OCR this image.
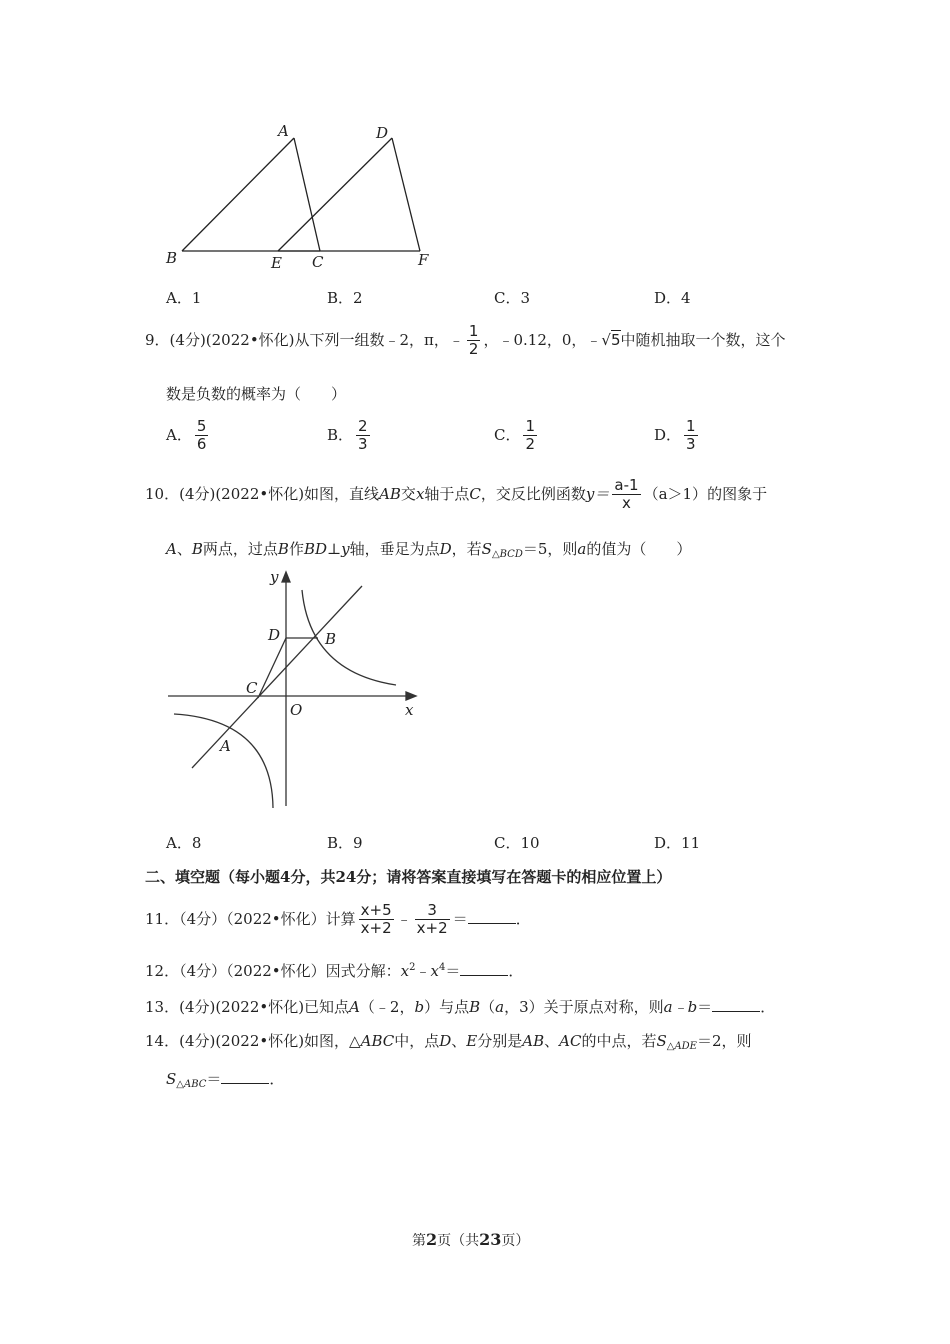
A	D
B	E C	F
A．1	B．2	C．3	D．4
9．(4分)(2022•怀化)从下列一组数﹣2，π，﹣ $\frac{1}{2}$ ，﹣0.12，0，﹣√5中随机抽取一个数，这个
数是负数的概率为（　　）
A． $\frac{5}{6}$	B． $\frac{2}{3}$	C． $\frac{1}{2}$	D． $\frac{1}{3}$
10．(4分)(2022•怀化)如图，直线AB交x轴于点C，交反比例函数$y= \frac{a-1}{x} (a>1)$的图象于
A、B两点，过点B作BD⊥y轴，垂足为点D，若$S_{\triangle BCD}=5$，则a的值为（　　）
y
D	B
C
O	x
A
A．8	B．9	C．10	D．11
二、填空题（每小题4分，共24分；请将答案直接填写在答题卡的相应位置上）
11．（4分）（2022•怀化）计算 $\frac{x+5}{x+2}$ ﹣ $\frac{3}{x+2}$ ＝	．
12．（4分）（2022•怀化）因式分解：$x^2﹣x^4=$	．
13．(4分)(2022•怀化)已知点A（﹣2，b）与点B（a，3）关于原点对称，则a﹣b＝	．
14．(4分)(2022•怀化)如图，△ABC中，点D、E分别是AB、AC的中点，若$S_{\triangle ADE}=2$，则
$S_{\triangle ABC}=$	．
第2页（共23页）
